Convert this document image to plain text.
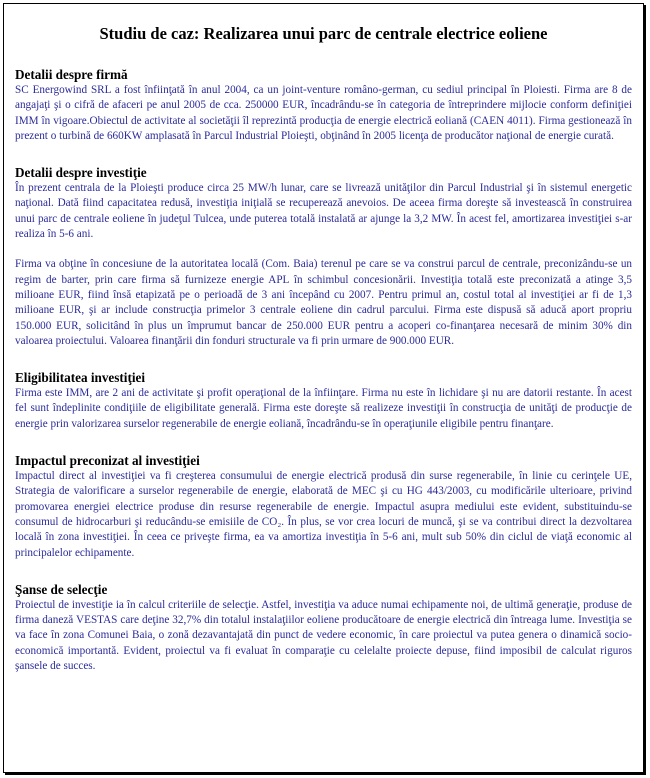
Studiu de caz: Realizarea unui parc de centrale electrice eoliene
Detalii despre firmă

SC Energowind SRL a fost înfiinţată în anul 2004, ca un joint-venture româno-german, cu sediul principal în Ploiesti. Firma are 8 de angajaţi şi o cifră de afaceri pe anul 2005 de cca. 250000 EUR, încadrându-se în categoria de întreprindere mijlocie conform definiţiei IMM în vigoare.Obiectul de activitate al societăţii îl reprezintă producţia de energie electrică eoliană (CAEN 4011). Firma gestionează în prezent o turbină de 660KW amplasată în Parcul Industrial Ploieşti, obţinând în 2005 licenţa de producător naţional de energie curată.

Detalii despre investiţie

În prezent centrala de la Ploieşti produce circa 25 MW/h lunar, care se livrează unităţilor din Parcul Industrial şi în sistemul energetic naţional. Dată fiind capacitatea redusă, investiţia iniţială se recuperează anevoios. De aceea firma doreşte să investească în construirea unui parc de centrale eoliene în judeţul Tulcea, unde puterea totală instalată ar ajunge la 3,2 MW. În acest fel, amortizarea investiţiei s-ar realiza în 5-6 ani.

Firma va obţine în concesiune de la autoritatea locală (Com. Baia) terenul pe care se va construi parcul de centrale, preconizându-se un regim de barter, prin care firma să furnizeze energie APL în schimbul concesionării. Investiţia totală este preconizată a atinge 3,5 milioane EUR, fiind însă etapizată pe o perioadă de 3 ani începând cu 2007. Pentru primul an, costul total al investiţiei ar fi de 1,3 milioane EUR, şi ar include construcţia primelor 3 centrale eoliene din cadrul parcului. Firma este dispusă să aducă aport propriu 150.000 EUR, solicitând în plus un împrumut bancar de 250.000 EUR pentru a acoperi co-finanţarea necesară de minim 30% din valoarea proiectului. Valoarea finanţării din fonduri structurale va fi prin urmare de 900.000 EUR.

Eligibilitatea investiţiei

Firma este IMM, are 2 ani de activitate şi profit operaţional de la înfiinţare. Firma nu este în lichidare şi nu are datorii restante. În acest fel sunt îndeplinite condiţiile de eligibilitate generală. Firma este doreşte să realizeze investiţii în construcţia de unităţi de producţie de energie prin valorizarea surselor regenerabile de energie eoliană, încadrându-se în operaţiunile eligibile pentru finanţare.

Impactul preconizat al investiţiei

Impactul direct al investiţiei va fi creşterea consumului de energie electrică produsă din surse regenerabile, în linie cu cerinţele UE, Strategia de valorificare a surselor regenerabile de energie, elaborată de MEC şi cu HG 443/2003, cu modificările ulterioare, privind promovarea energiei electrice produse din resurse regenerabile de energie. Impactul asupra mediului este evident, substituindu-se consumul de hidrocarburi şi reducându-se emisiile de CO₂. În plus, se vor crea locuri de muncă, şi se va contribui direct la dezvoltarea locală în zona investiţiei. În ceea ce priveşte firma, ea va amortiza investiţia în 5-6 ani, mult sub 50% din ciclul de viaţă economic al principalelor echipamente.

Şanse de selecţie

Proiectul de investiţie ia în calcul criteriile de selecţie. Astfel, investiţia va aduce numai echipamente noi, de ultimă generaţie, produse de firma daneză VESTAS care deţine 32,7% din totalul instalaţiilor eoliene producătoare de energie electrică din întreaga lume. Investiţia se va face în zona Comunei Baia, o zonă dezavantajată din punct de vedere economic, în care proiectul va putea genera o dinamică socio-economică importantă. Evident, proiectul va fi evaluat în comparaţie cu celelalte proiecte depuse, fiind imposibil de calculat riguros şansele de succes.
